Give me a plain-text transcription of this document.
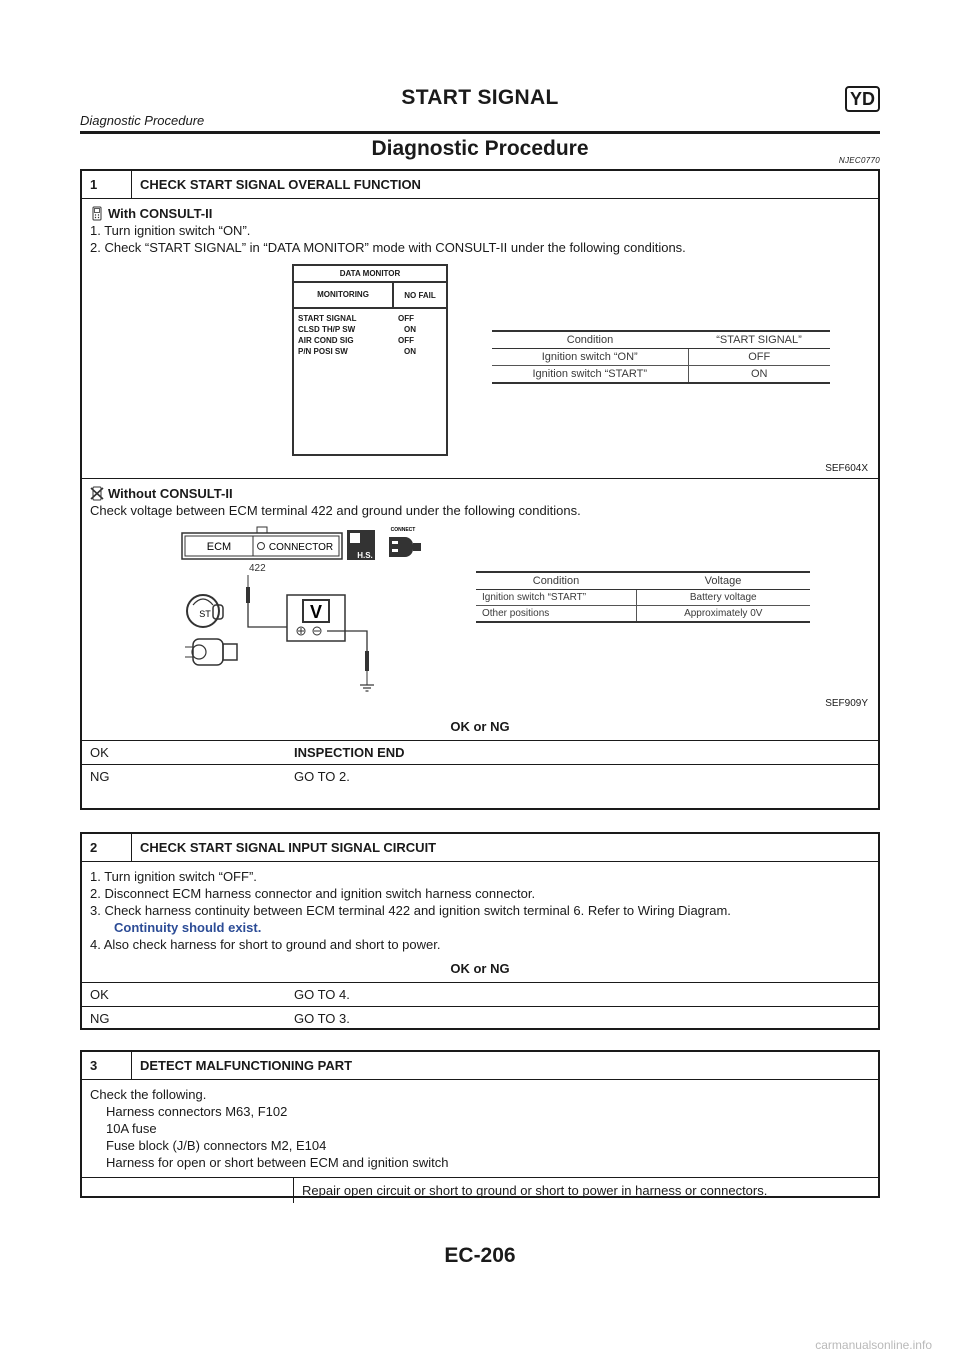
START SIGNAL
Diagnostic Procedure
YD
Diagnostic Procedure
NJEC0770
1	CHECK START SIGNAL OVERALL FUNCTION
With CONSULT-II
1. Turn ignition switch “ON”.
2. Check “START SIGNAL” in “DATA MONITOR” mode with CONSULT-II under the following conditions.
DATA MONITOR
MONITORING	NO FAIL
START SIGNAL	OFF
CLSD TH/P SW	ON
AIR COND SIG	OFF
P/N POSI SW	ON
Condition	“START SIGNAL”
Ignition switch “ON”	OFF
Ignition switch “START”	ON
SEF604X
Without CONSULT-II
Check voltage between ECM terminal 422 and ground under the following conditions.
ECM	CONNECTOR
H.S.
CONNECT
422
V
ST
Condition	Voltage
Ignition switch “START”	Battery voltage
Other positions	Approximately 0V
SEF909Y
OK or NG
OK	INSPECTION END
NG	GO TO 2.
2	CHECK START SIGNAL INPUT SIGNAL CIRCUIT
1. Turn ignition switch “OFF”.
2. Disconnect ECM harness connector and ignition switch harness connector.
3. Check harness continuity between ECM terminal 422 and ignition switch terminal 6. Refer to Wiring Diagram.
Continuity should exist.
4. Also check harness for short to ground and short to power.
OK or NG
OK	GO TO 4.
NG	GO TO 3.
3	DETECT MALFUNCTIONING PART
Check the following.
Harness connectors M63, F102
10A fuse
Fuse block (J/B) connectors M2, E104
Harness for open or short between ECM and ignition switch
Repair open circuit or short to ground or short to power in harness or connectors.
EC-206
carmanualsonline.info
